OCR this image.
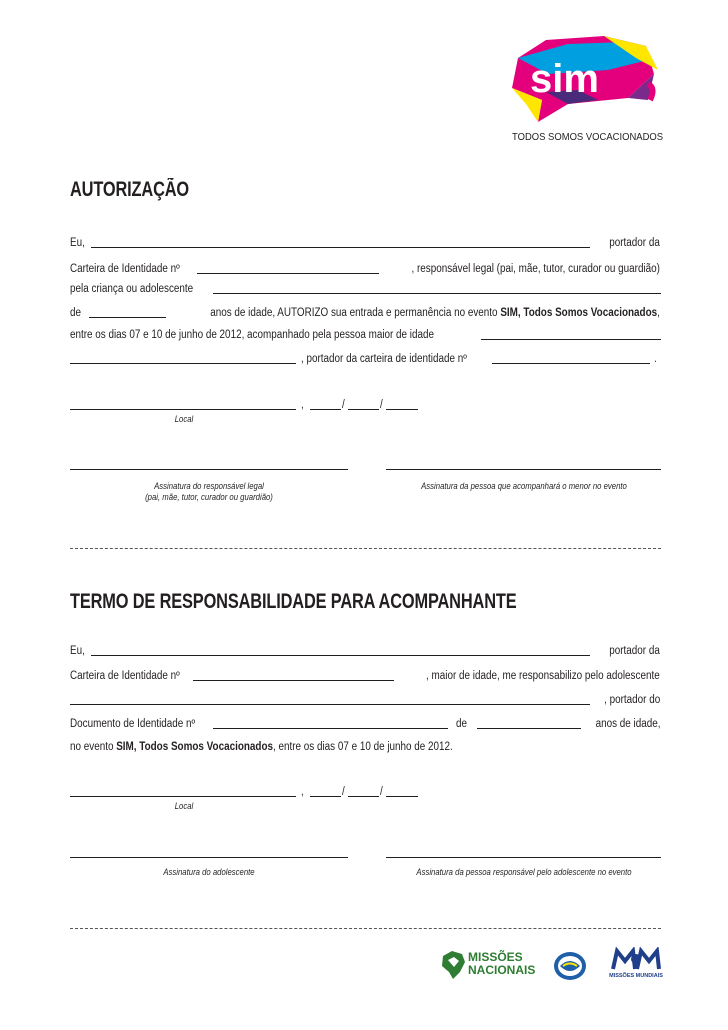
sim
TODOS SOMOS VOCACIONADOS
AUTORIZAÇÃO
Eu,	portador da
Carteira de Identidade nº	, responsável legal (pai, mãe, tutor, curador ou guardião)
pela criança ou adolescente
de	anos de idade, AUTORIZO sua entrada e permanência no evento SIM, Todos Somos Vocacionados,
entre os dias 07 e 10 de junho de 2012, acompanhado pela pessoa maior de idade
, portador da carteira de identidade nº	.
,	/	/
Local
Assinatura do responsável legal
(pai, mãe, tutor, curador ou guardião)
Assinatura da pessoa que acompanhará o menor no evento
TERMO DE RESPONSABILIDADE PARA ACOMPANHANTE
Eu,	portador da
Carteira de Identidade nº	, maior de idade, me responsabilizo pelo adolescente
, portador do
Documento de Identidade nº	de	anos de idade,
no evento SIM, Todos Somos Vocacionados, entre os dias 07 e 10 de junho de 2012.
,	/	/
Local
Assinatura do adolescente	Assinatura da pessoa responsável pelo adolescente no evento
MISSÕES
NACIONAIS	MISSÕES MUNDIAIS
